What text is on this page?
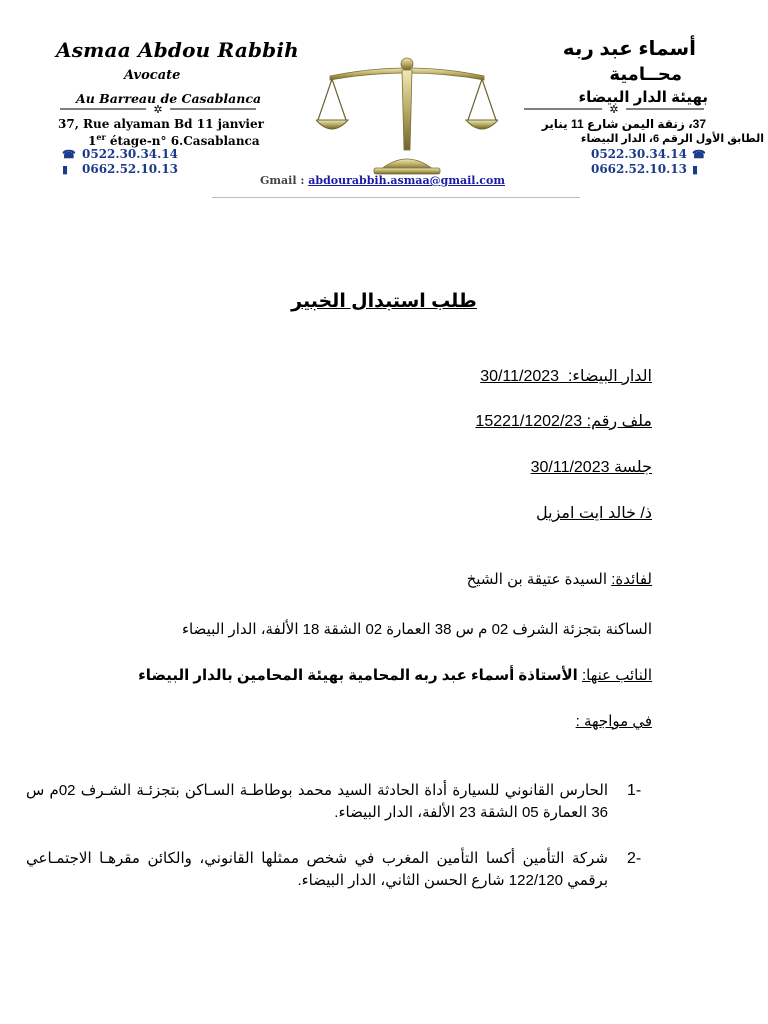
Asmaa Abdou Rabbih
Avocate
Au Barreau de Casablanca
✲
37, Rue alyaman Bd 11 janvier
1er étage-n° 6.Casablanca
☎ 0522.30.34.14
▮ 0662.52.10.13
أسماء عبد ربه
محــامية
بهيئة الدار البيضاء
✲
37، زنقة اليمن شارع 11 يناير
الطابق الأول الرقم 6، الدار البيضاء
0522.30.34.14 ☎
0662.52.10.13 ▮
Gmail : abdourabbih.asmaa@gmail.com
طلب استبدال الخبير
الدار البيضاء:  30/11/2023
ملف رقم: 15221/1202/23
جلسة 30/11/2023
ذ/ خالد ايت امزيل
لفائدة: السيدة عتيقة بن الشيخ
الساكنة بتجزئة الشرف 02 م س 38 العمارة 02 الشقة 18 الألفة، الدار البيضاء
النائب عنها: الأستاذة أسماء عبد ربه المحامية بهيئة المحامين بالدار البيضاء
في مواجهة :
1-
الحارس القانوني للسيارة أداة الحادثة السيد محمد بوطاطـة السـاكن بتجزئـة الشـرف 02م س 36 العمارة 05 الشقة 23 الألفة، الدار البيضاء.
2-
شركة التأمين أكسا التأمين المغرب في شخص ممثلها القانوني، والكائن مقرهـا الاجتمـاعي برقمي 122/120 شارع الحسن الثاني، الدار البيضاء.
